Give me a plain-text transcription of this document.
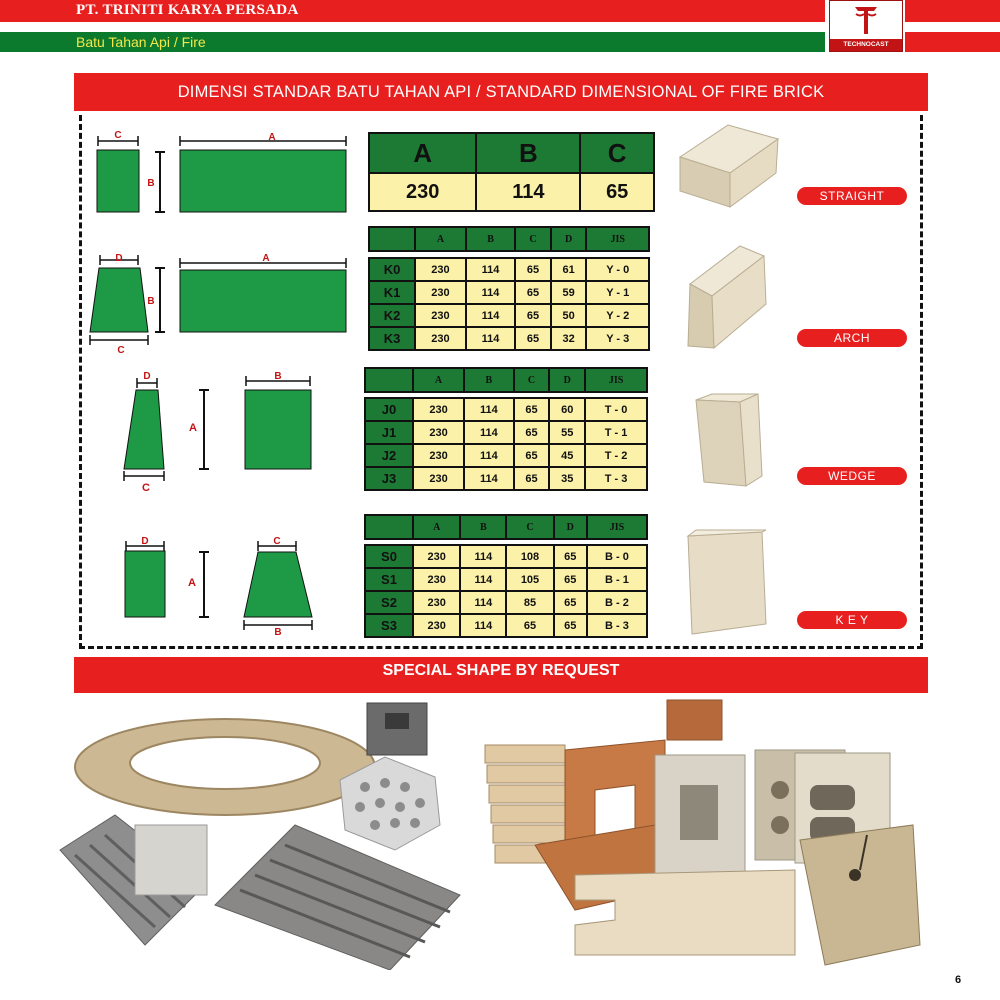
PT. TRINITI KARYA PERSADA
Batu Tahan Api / Fire	TECHNOCAST
DIMENSI STANDAR BATU TAHAN API / STANDARD DIMENSIONAL OF FIRE BRICK
C
B
A
D
C
B
A
D
C
A
B
D
A
C
B
A	B	C
230	114	65
	A	B	C	D	JIS

K0	230	114	65	61	Y - 0
K1	230	114	65	59	Y - 1
K2	230	114	65	50	Y - 2
K3	230	114	65	32	Y - 3
	A	B	C	D	JIS

J0	230	114	65	60	T - 0
J1	230	114	65	55	T - 1
J2	230	114	65	45	T - 2
J3	230	114	65	35	T - 3
	A	B	C	D	JIS

S0	230	114	108	65	B - 0
S1	230	114	105	65	B - 1
S2	230	114	85	65	B - 2
S3	230	114	65	65	B - 3
STRAIGHT
ARCH
WEDGE
K E Y
SPECIAL SHAPE BY REQUEST
6
